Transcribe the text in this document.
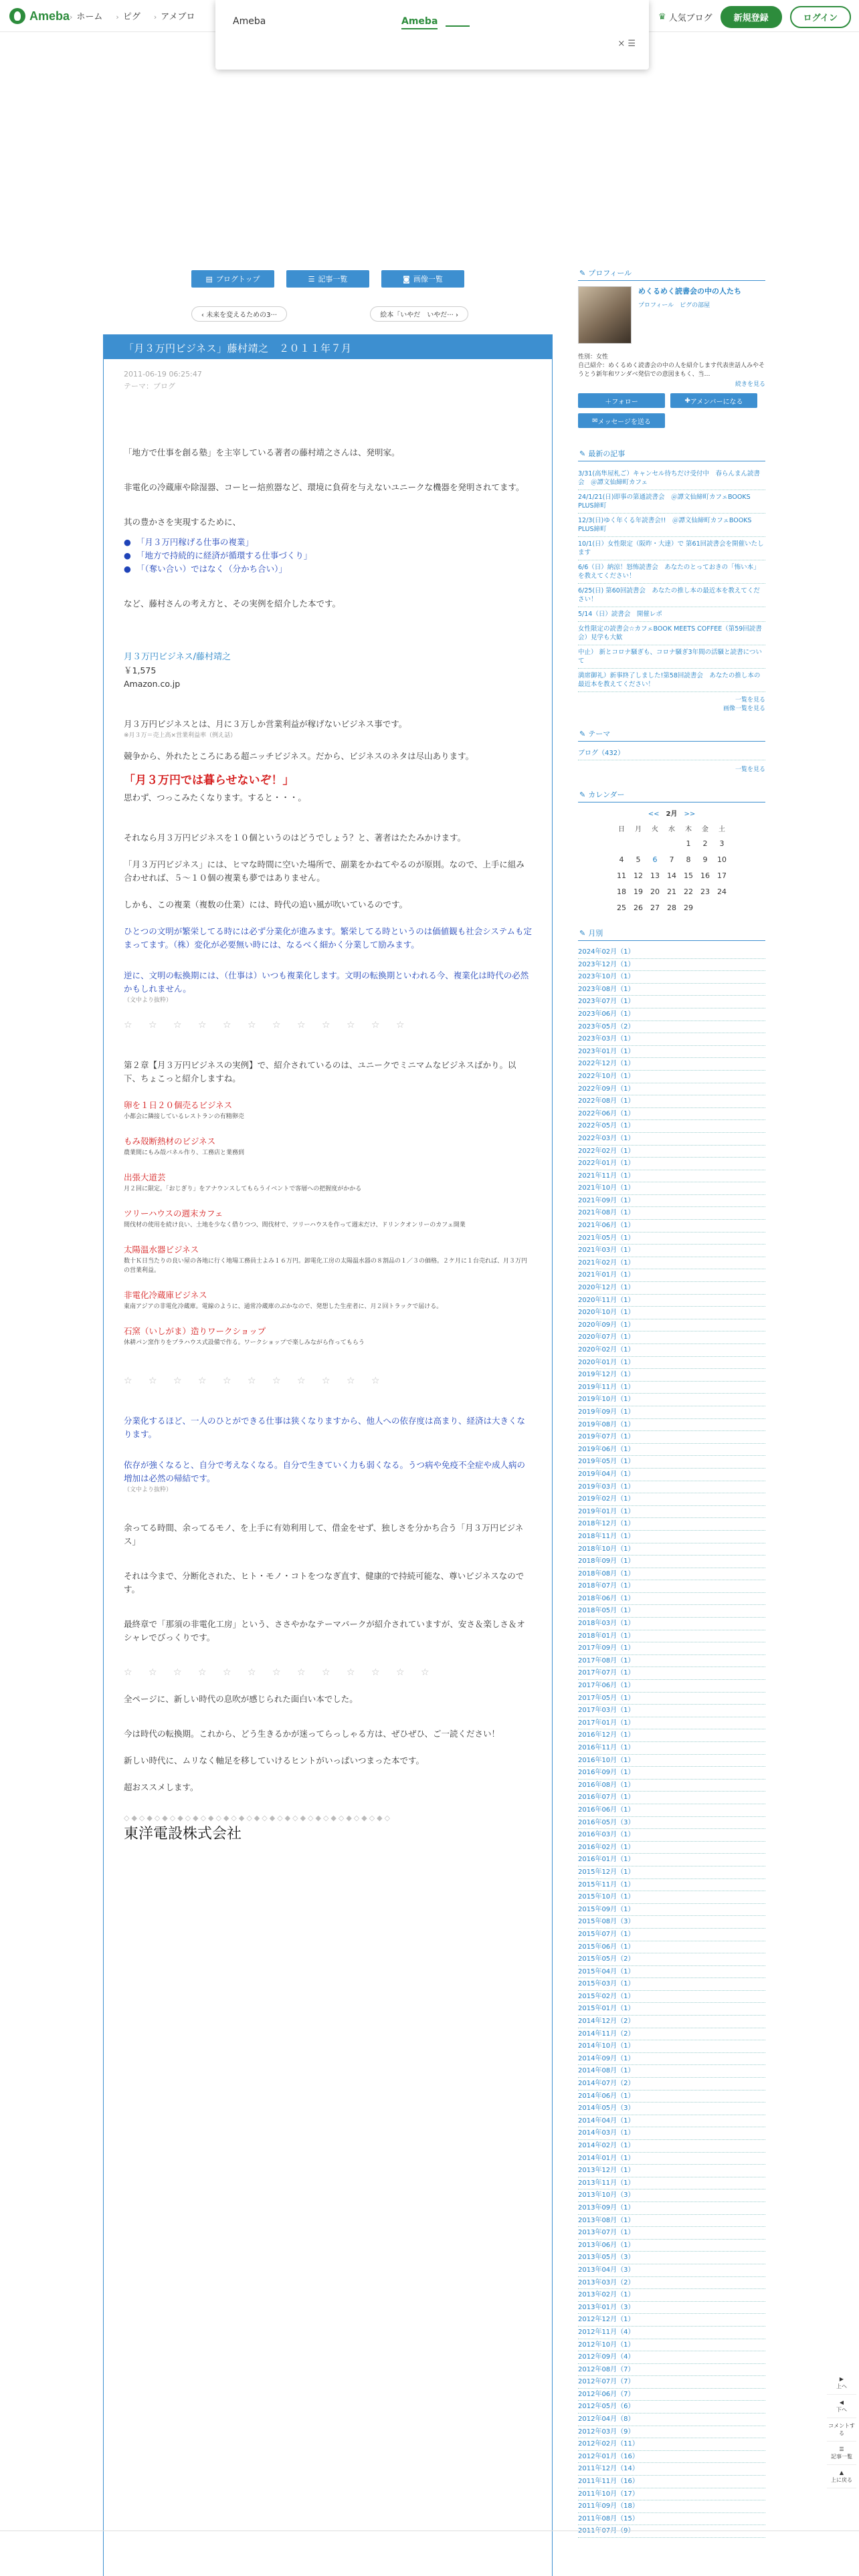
Ameba › ホーム › ピグ › アメブロ	♛ 人気ブログ	新規登録	ログイン
Ameba	Ameba
× ☰
▤ ブログトップ	☰ 記事一覧	◙ 画像一覧
‹ 未来を変えるための3···	絵本「いやだ　いやだ··· ›
「月３万円ビジネス」藤村靖之　２０１１年７月
2011-06-19 06:25:47
テーマ：ブログ

「地方で仕事を創る塾」を主宰している著者の藤村靖之さんは、発明家。

非電化の冷蔵庫や除湿器、コーヒー焙煎器など、環境に負荷を与えないユニークな機器を発明されてます。

其の豊かさを実現するために、

● 「月３万円稼げる仕事の複業」
● 「地方で持続的に経済が循環する仕事づくり」
● 「（奪い合い）ではなく（分かち合い）」

など、藤村さんの考え方と、その実例を紹介した本です。

月３万円ビジネス/藤村靖之
￥1,575

Amazon.co.jp

月３万円ビジネスとは、月に３万しか営業利益が稼げないビジネス事です。

※月３万＝売上高×営業利益率（例え話）

競争から、外れたところにある超ニッチビジネス。だから、ビジネスのネタは尽山あります。

「月３万円では暮らせないぞ！」

思わず、つっこみたくなります。すると・・・。

それなら月３万円ビジネスを１０個というのはどうでしょう？と、著者はたたみかけます。

「月３万円ビジネス」には、ヒマな時間に空いた場所で、副業をかねてやるのが原則。なので、上手に組み合わせれば、５〜１０個の複業も夢ではありません。

しかも、この複業（複数の仕業）には、時代の追い風が吹いているのです。

ひとつの文明が繁栄してる時には必ず分業化が進みます。繁栄してる時というのは価値観も社会システムも定まってます。（株）変化が必要無い時には、なるべく細かく分業して励みます。

逆に、文明の転換期には、（仕事は）いつも複業化します。文明の転換期といわれる今、複業化は時代の必然かもしれません。

（文中より抜粋）

☆ ☆ ☆ ☆ ☆ ☆ ☆ ☆ ☆ ☆ ☆ ☆

第２章【月３万円ビジネスの実例】で、紹介されているのは、ユニークでミニマムなビジネスばかり。以下、ちょこっと紹介しますね。

卵を１日２０個売るビジネス
小都会に隣接しているレストランの有精卵売
もみ殻断熱材のビジネス
農業間にもみ殻バネル作り、工務店と業務到
出張大道芸
月２回に限定。「おじぎり」をアナウンスしてもらうイベントで客層への把握度がかかる
ツリーハウスの週末カフェ
間伐材の使用を続け良い、土地を少なく借りつつ、間伐材で、ツリーハウスを作って週末だけ、ドリンクオンリーのカフェ開業
太陽温水器ビジネス
数十Ｋ日当たりの良い屋の各地に行く地場工務員士よみ１６万円。卸電化工房の太陽温水器の８割品の１／３の価格。２ケ月に１台売れば、月３万円の営業利益。
非電化冷蔵庫ビジネス
東南アジアの非電化冷蔵庫。電線のように、通常冷蔵庫のぶかなので、発想した生産者に、月２回トラックで届ける。
石窯（いしがま）造りワークショップ
休耕パン窯作りをプラハウス式設備で作る。ワークショップで楽しみながら作ってもらう

☆ ☆ ☆ ☆ ☆ ☆ ☆ ☆ ☆ ☆ ☆

分業化するほど、一人のひとができる仕事は狭くなりますから、他人への依存度は高まり、経済は大きくなります。

依存が強くなると、自分で考えなくなる。自分で生きていく力も弱くなる。うつ病や免疫不全症や成人病の増加は必然の帰結です。

（文中より抜粋）

余ってる時間、余ってるモノ、を上手に有効利用して、借金をせず、独しさを分かち合う「月３万円ビジネス」

それは今まで、分断化された、ヒト・モノ・コトをつなぎ直す、健康的で持続可能な、尊いビジネスなのです。

最終章で「那須の非電化工房」という、ささやかなテーマパークが紹介されていますが、安さ＆楽しさ＆オシャレでびっくりです。

☆ ☆ ☆ ☆ ☆ ☆ ☆ ☆ ☆ ☆ ☆ ☆ ☆

全ページに、新しい時代の息吹が感じられた面白い本でした。

今は時代の転換期。これから、どう生きるかが迷ってらっしゃる方は、ぜひぜひ、ご一読ください！

新しい時代に、ムリなく軸足を移していけるヒントがいっぱいつまった本です。

超おススメします。

◇◆◇◆◇◆◇◆◇◆◇◆◇◆◇◆◇◆◇◆◇◆◇◆◇◆◇◆◇◆◇◆◇◆◇
東洋電設株式会社
✎ プロフィール
めくるめく読書会の中の人たち
プロフィール　ピグの部屋
性別：女性
自己紹介：めくるめく読書会の中の人を紹介します代表世話人みやそうとう新年和ワンダベ発信での意図まもく、当…
続きを見る
＋ フォロー	✚ アメンバーになる
✉ メッセージを送る
✎ 最新の記事
3/31(高隼屋札ご）キャンセル待ちだけ受付中　春らんまん読書会　＠譚文仙締町カフェ
24/1/21(日)即事の第通読書会　＠譚文仙締町カフェBOOKS PLUS締町
12/3(日)ゆく年くる年読書会!!　＠譚文仙締町カフェBOOKS PLUS締町
10/1(日）女性限定（阪昨・大達）で 第61回読書会を開催いたします
6/6（日）納涼！怒怖読書会　あなたのとっておきの「怖い本」を教えてください！
6/25(日) 第60回読書会　あなたの推し本の最近本を教えてください！
5/14（日）読書会　開催レポ
女性限定の読書会☆カフェBOOK MEETS COFFEE（第59回読書会）見学も大歓
中止） 新とコロナ騒ぎも、コロナ騒ぎ3年間の活騒と読書について
満席御礼）新事終了しました!第58回読書会　あなたの推し本の最近本を教えてください！
一覧を見る
画像一覧を見る
✎ テーマ
ブログ（432）
一覧を見る
✎ カレンダー
<< 2月 >>
日	月	火	水	木	金	土
				1	2	3
4	5	6	7	8	9	10
11	12	13	14	15	16	17
18	19	20	21	22	23	24
25	26	27	28	29		
✎ 月別
2024年02月（1）
2023年12月（1）
2023年10月（1）
2023年08月（1）
2023年07月（1）
2023年06月（1）
2023年05月（2）
2023年03月（1）
2023年01月（1）
2022年12月（1）
2022年10月（1）
2022年09月（1）
2022年08月（1）
2022年06月（1）
2022年05月（1）
2022年03月（1）
2022年02月（1）
2022年01月（1）
2021年11月（1）
2021年10月（1）
2021年09月（1）
2021年08月（1）
2021年06月（1）
2021年05月（1）
2021年03月（1）
2021年02月（1）
2021年01月（1）
2020年12月（1）
2020年11月（1）
2020年10月（1）
2020年09月（1）
2020年07月（1）
2020年02月（1）
2020年01月（1）
2019年12月（1）
2019年11月（1）
2019年10月（1）
2019年09月（1）
2019年08月（1）
2019年07月（1）
2019年06月（1）
2019年05月（1）
2019年04月（1）
2019年03月（1）
2019年02月（1）
2019年01月（1）
2018年12月（1）
2018年11月（1）
2018年10月（1）
2018年09月（1）
2018年08月（1）
2018年07月（1）
2018年06月（1）
2018年05月（1）
2018年03月（1）
2018年01月（1）
2017年09月（1）
2017年08月（1）
2017年07月（1）
2017年06月（1）
2017年05月（1）
2017年03月（1）
2017年01月（1）
2016年12月（1）
2016年11月（1）
2016年10月（1）
2016年09月（1）
2016年08月（1）
2016年07月（1）
2016年06月（1）
2016年05月（3）
2016年03月（1）
2016年02月（1）
2016年01月（1）
2015年12月（1）
2015年11月（1）
2015年10月（1）
2015年09月（1）
2015年08月（3）
2015年07月（1）
2015年06月（1）
2015年05月（2）
2015年04月（1）
2015年03月（1）
2015年02月（1）
2015年01月（1）
2014年12月（2）
2014年11月（2）
2014年10月（1）
2014年09月（1）
2014年08月（1）
2014年07月（2）
2014年06月（1）
2014年05月（3）
2014年04月（1）
2014年03月（1）
2014年02月（1）
2014年01月（1）
2013年12月（1）
2013年11月（1）
2013年10月（3）
2013年09月（1）
2013年08月（1）
2013年07月（1）
2013年06月（1）
2013年05月（3）
2013年04月（3）
2013年03月（2）
2013年02月（1）
2013年01月（3）
2012年12月（1）
2012年11月（4）
2012年10月（1）
2012年09月（4）
2012年08月（7）
2012年07月（7）
2012年06月（7）
2012年05月（6）
2012年04月（8）
2012年03月（9）
2012年02月（11）
2012年01月（16）
2011年12月（14）
2011年11月（16）
2011年10月（17）
2011年09月（18）
2011年08月（15）
▶
上へ
◀
下へ
コメントする
☰
記事一覧
▲
上に戻る
